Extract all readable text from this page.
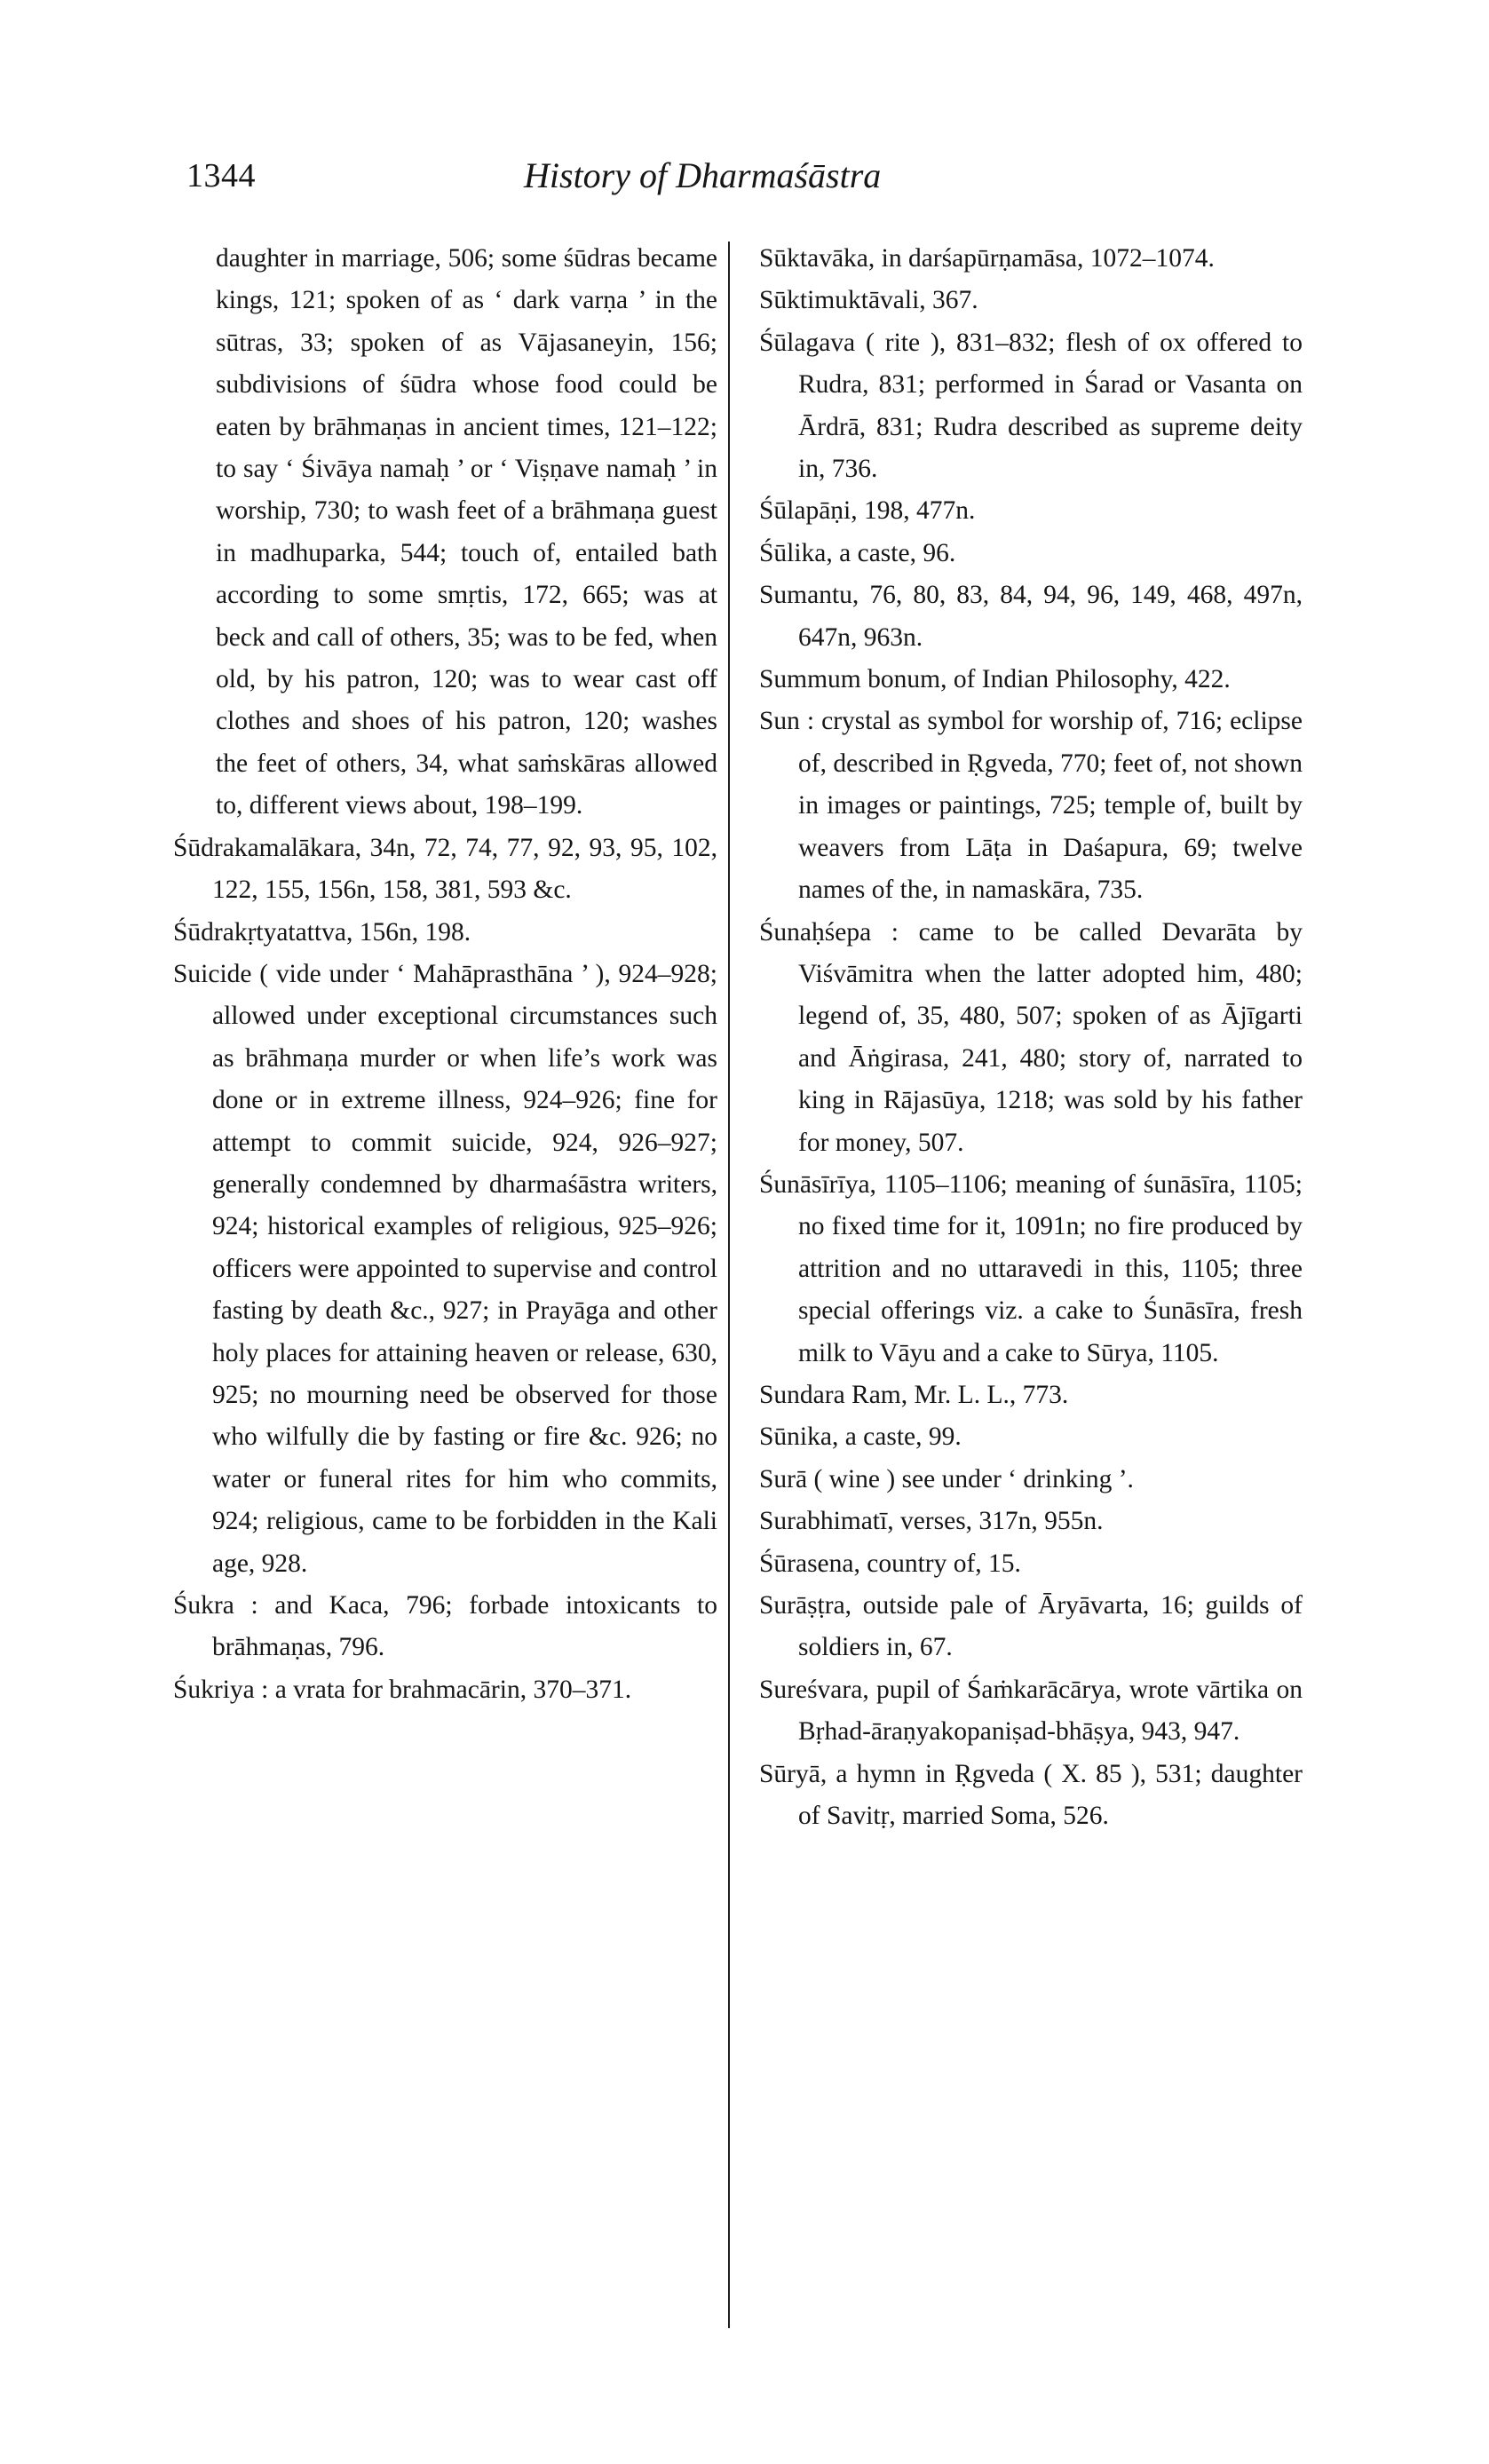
1344	History of Dharmaśāstra

daughter in marriage, 506; some śūdras became kings, 121; spoken of as ‘ dark varṇa ’ in the sūtras, 33; spoken of as Vājasaneyin, 156; subdivisions of śūdra whose food could be eaten by brāhmaṇas in ancient times, 121–122; to say ‘ Śivāya namaḥ ’ or ‘ Viṣṇave namaḥ ’ in worship, 730; to wash feet of a brāhmaṇa guest in madhuparka, 544; touch of, entailed bath according to some smṛtis, 172, 665; was at beck and call of others, 35; was to be fed, when old, by his patron, 120; was to wear cast off clothes and shoes of his patron, 120; washes the feet of others, 34, what saṁskāras allowed to, different views about, 198–199.

Śūdrakamalākara, 34n, 72, 74, 77, 92, 93, 95, 102, 122, 155, 156n, 158, 381, 593 &c.

Śūdrakṛtyatattva, 156n, 198.

Suicide ( vide under ‘ Mahāprasthāna ’ ), 924–928; allowed under exceptional circumstances such as brāhmaṇa murder or when life’s work was done or in extreme illness, 924–926; fine for attempt to commit suicide, 924, 926–927; generally condemned by dharmaśāstra writers, 924; historical examples of religious, 925–926; officers were appointed to supervise and control fasting by death &c., 927; in Prayāga and other holy places for attaining heaven or release, 630, 925; no mourning need be observed for those who wilfully die by fasting or fire &c. 926; no water or funeral rites for him who commits, 924; religious, came to be forbidden in the Kali age, 928.

Śukra : and Kaca, 796; forbade intoxicants to brāhmaṇas, 796.

Śukriya : a vrata for brahmacārin, 370–371.

Sūktavāka, in darśapūrṇamāsa, 1072–1074.

Sūktimuktāvali, 367.

Śūlagava ( rite ), 831–832; flesh of ox offered to Rudra, 831; performed in Śarad or Vasanta on Ārdrā, 831; Rudra described as supreme deity in, 736.

Śūlapāṇi, 198, 477n.

Śūlika, a caste, 96.

Sumantu, 76, 80, 83, 84, 94, 96, 149, 468, 497n, 647n, 963n.

Summum bonum, of Indian Philosophy, 422.

Sun : crystal as symbol for worship of, 716; eclipse of, described in Ṛgveda, 770; feet of, not shown in images or paintings, 725; temple of, built by weavers from Lāṭa in Daśapura, 69; twelve names of the, in namaskāra, 735.

Śunaḥśepa : came to be called Devarāta by Viśvāmitra when the latter adopted him, 480; legend of, 35, 480, 507; spoken of as Ājīgarti and Āṅgirasa, 241, 480; story of, narrated to king in Rājasūya, 1218; was sold by his father for money, 507.

Śunāsīrīya, 1105–1106; meaning of śunāsīra, 1105; no fixed time for it, 1091n; no fire produced by attrition and no uttaravedi in this, 1105; three special offerings viz. a cake to Śunāsīra, fresh milk to Vāyu and a cake to Sūrya, 1105.

Sundara Ram, Mr. L. L., 773.

Sūnika, a caste, 99.

Surā ( wine ) see under ‘ drinking ’.

Surabhimatī, verses, 317n, 955n.

Śūrasena, country of, 15.

Surāṣṭra, outside pale of Āryāvarta, 16; guilds of soldiers in, 67.

Sureśvara, pupil of Śaṁkarācārya, wrote vārtika on Bṛhad-āraṇyakopaniṣad-bhāṣya, 943, 947.

Sūryā, a hymn in Ṛgveda ( X. 85 ), 531; daughter of Savitṛ, married Soma, 526.
